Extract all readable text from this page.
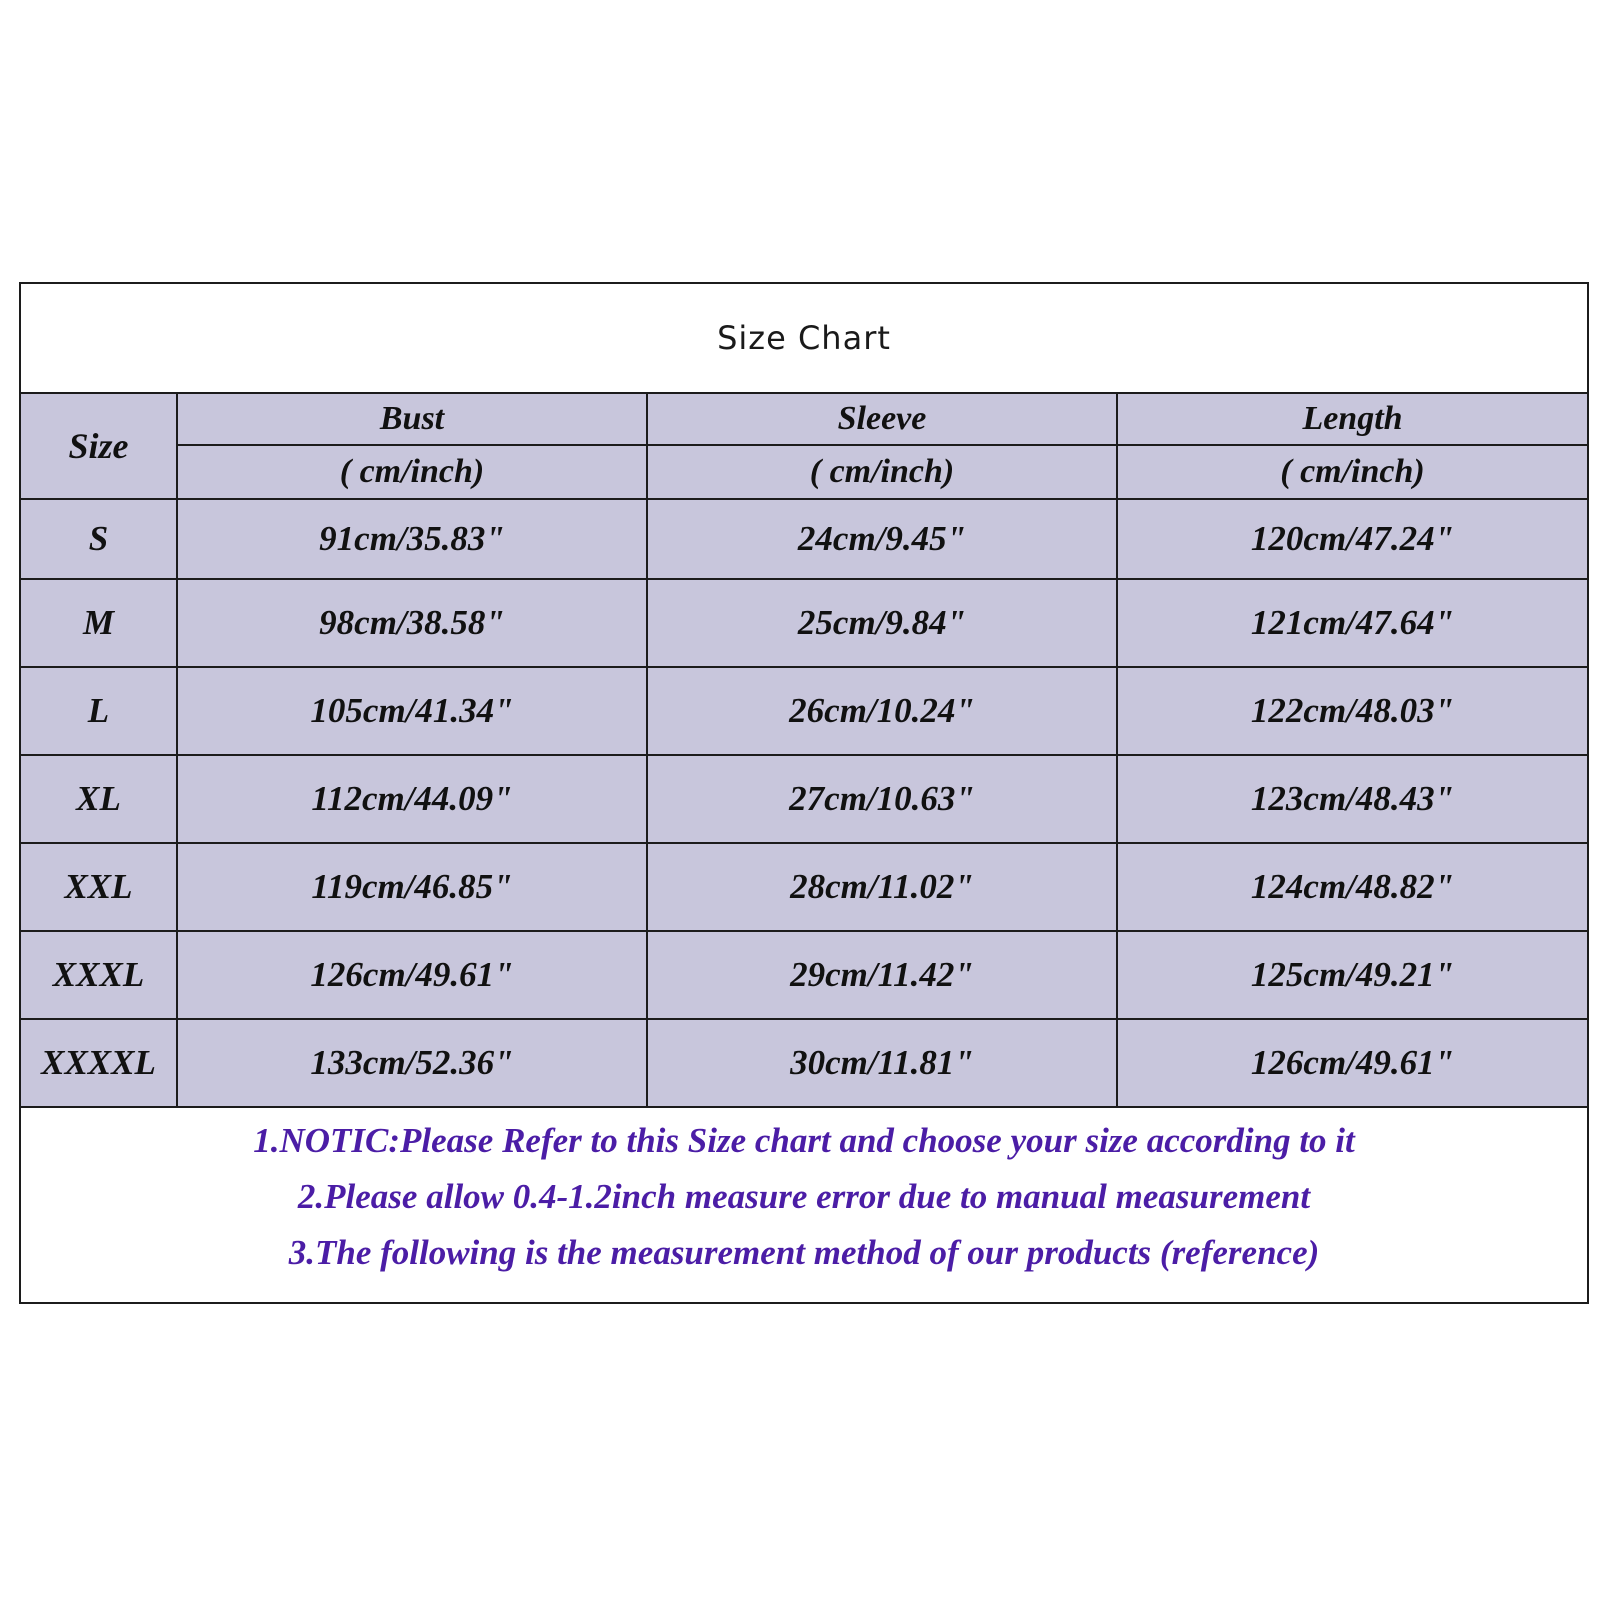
Size Chart
Size	Bust	Sleeve	Length
	( cm/inch)	( cm/inch)	( cm/inch)
S	91cm/35.83"	24cm/9.45"	120cm/47.24"
M	98cm/38.58"	25cm/9.84"	121cm/47.64"
L	105cm/41.34"	26cm/10.24"	122cm/48.03"
XL	112cm/44.09"	27cm/10.63"	123cm/48.43"
XXL	119cm/46.85"	28cm/11.02"	124cm/48.82"
XXXL	126cm/49.61"	29cm/11.42"	125cm/49.21"
XXXXL	133cm/52.36"	30cm/11.81"	126cm/49.61"
1.NOTIC:Please Refer to this Size chart and choose your size according to it
2.Please allow 0.4-1.2inch measure error due to manual measurement
3.The following is the measurement method of our products (reference)
